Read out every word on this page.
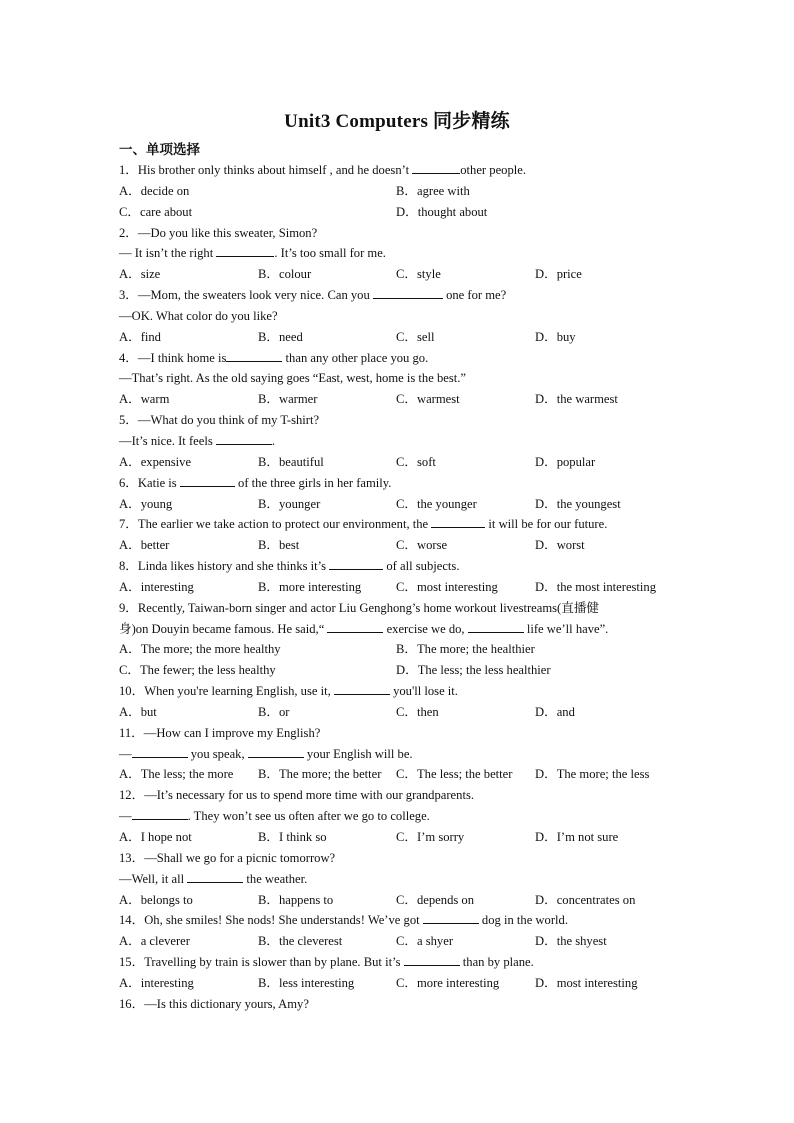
Unit3 Computers 同步精练
一、单项选择
1．His brother only thinks about himself , and he doesn’t	other people.
A．decide on	B．agree with
C．care about	D．thought about
2．—Do you like this sweater, Simon?
— It isn’t the right	. It’s too small for me.
A．size	B．colour	C．style	D．price
3．—Mom, the sweaters look very nice. Can you	one for me?
—OK. What color do you like?
A．find	B．need	C．sell	D．buy
4．—I think home is	than any other place you go.
—That’s right. As the old saying goes “East, west, home is the best.”
A．warm	B．warmer	C．warmest	D．the warmest
5．—What do you think of my T-shirt?
—It’s nice. It feels	.
A．expensive	B．beautiful	C．soft	D．popular
6．Katie is	of the three girls in her family.
A．young	B．younger	C．the younger	D．the youngest
7．The earlier we take action to protect our environment, the	it will be for our future.
A．better	B．best	C．worse	D．worst
8．Linda likes history and she thinks it’s	of all subjects.
A．interesting	B．more interesting	C．most interesting	D．the most interesting
9．Recently, Taiwan-born singer and actor Liu Genghong’s home workout livestreams(直播健
身)on Douyin became famous. He said,“	exercise we do,	life we’ll have”.
A．The more; the more healthy	B．The more; the healthier
C．The fewer; the less healthy	D．The less; the less healthier
10．When you're learning English, use it,	you'll lose it.
A．but	B．or	C．then	D．and
11．—How can I improve my English?
—	you speak,	your English will be.
A．The less; the more B．The more; the better C．The less; the better D．The more; the less
12．—It’s necessary for us to spend more time with our grandparents.
—	. They won’t see us often after we go to college.
A．I hope not	B．I think so	C．I’m sorry	D．I’m not sure
13．—Shall we go for a picnic tomorrow?
—Well, it all	the weather.
A．belongs to	B．happens to	C．depends on	D．concentrates on
14．Oh, she smiles! She nods! She understands! We’ve got	dog in the world.
A．a cleverer	B．the cleverest	C．a shyer	D．the shyest
15．Travelling by train is slower than by plane. But it’s	than by plane.
A．interesting	B．less interesting	C．more interesting	D．most interesting
16．—Is this dictionary yours, Amy?
